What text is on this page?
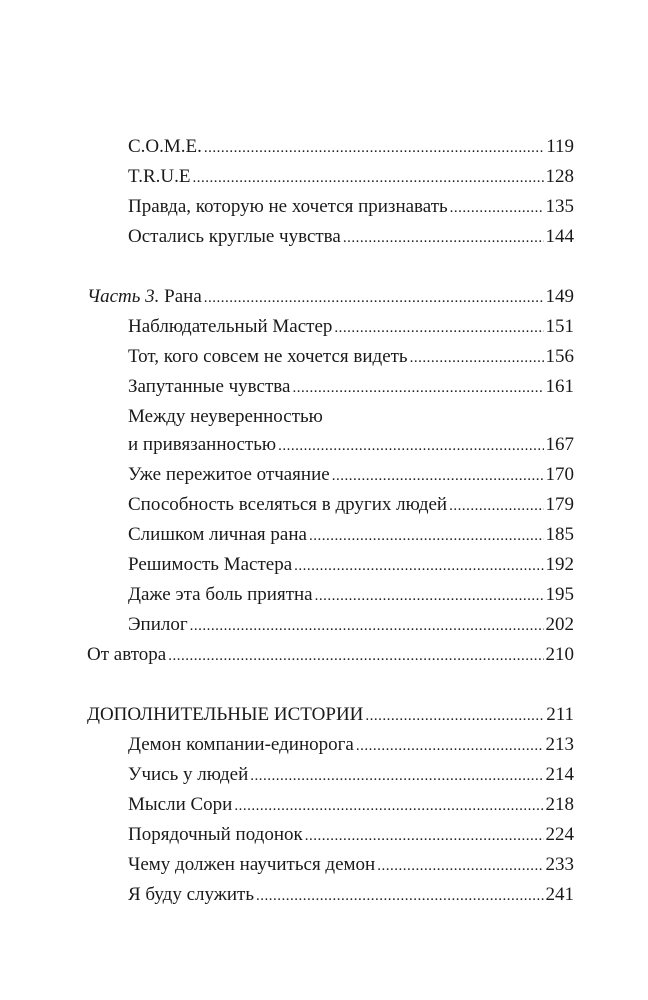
C.O.M.E. .....	119
T.R.U.E .....	128
Правда, которую не хочется признавать .....	135
Остались круглые чувства .....	144
Часть 3. Рана .....	149
Наблюдательный Мастер .....	151
Тот, кого совсем не хочется видеть .....	156
Запутанные чувства .....	161
Между неуверенностью
и привязанностью .....	167
Уже пережитое отчаяние .....	170
Способность вселяться в других людей .....	179
Слишком личная рана .....	185
Решимость Мастера .....	192
Даже эта боль приятна .....	195
Эпилог .....	202
От автора .....	210
ДОПОЛНИТЕЛЬНЫЕ ИСТОРИИ .....	211
Демон компании-единорога .....	213
Учись у людей .....	214
Мысли Сори .....	218
Порядочный подонок .....	224
Чему должен научиться демон .....	233
Я буду служить .....	241
